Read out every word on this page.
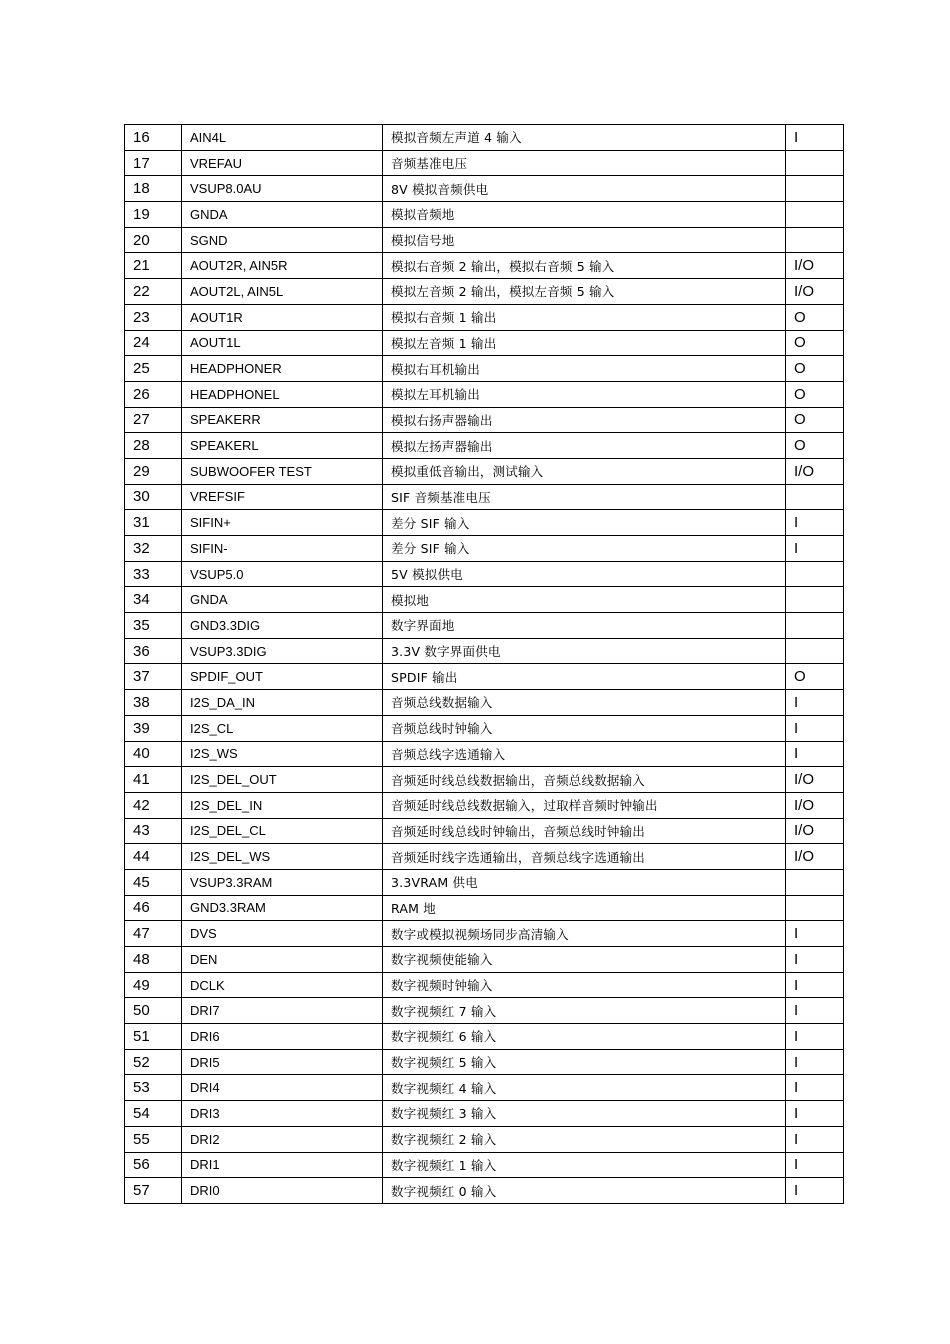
16	AIN4L	模拟音频左声道 4 输入	I
17	VREFAU	音频基准电压	
18	VSUP8.0AU	8V 模拟音频供电	
19	GNDA	模拟音频地	
20	SGND	模拟信号地	
21	AOUT2R, AIN5R	模拟右音频 2 输出，模拟右音频 5 输入	I/O
22	AOUT2L, AIN5L	模拟左音频 2 输出，模拟左音频 5 输入	I/O
23	AOUT1R	模拟右音频 1 输出	O
24	AOUT1L	模拟左音频 1 输出	O
25	HEADPHONER	模拟右耳机输出	O
26	HEADPHONEL	模拟左耳机输出	O
27	SPEAKERR	模拟右扬声器输出	O
28	SPEAKERL	模拟左扬声器输出	O
29	SUBWOOFER TEST	模拟重低音输出，测试输入	I/O
30	VREFSIF	SIF 音频基准电压	
31	SIFIN+	差分 SIF 输入	I
32	SIFIN-	差分 SIF 输入	I
33	VSUP5.0	5V 模拟供电	
34	GNDA	模拟地	
35	GND3.3DIG	数字界面地	
36	VSUP3.3DIG	3.3V 数字界面供电	
37	SPDIF_OUT	SPDIF 输出	O
38	I2S_DA_IN	音频总线数据输入	I
39	I2S_CL	音频总线时钟输入	I
40	I2S_WS	音频总线字选通输入	I
41	I2S_DEL_OUT	音频延时线总线数据输出，音频总线数据输入	I/O
42	I2S_DEL_IN	音频延时线总线数据输入，过取样音频时钟输出	I/O
43	I2S_DEL_CL	音频延时线总线时钟输出，音频总线时钟输出	I/O
44	I2S_DEL_WS	音频延时线字选通输出，音频总线字选通输出	I/O
45	VSUP3.3RAM	3.3VRAM 供电	
46	GND3.3RAM	RAM 地	
47	DVS	数字或模拟视频场同步高清输入	I
48	DEN	数字视频使能输入	I
49	DCLK	数字视频时钟输入	I
50	DRI7	数字视频红 7 输入	I
51	DRI6	数字视频红 6 输入	I
52	DRI5	数字视频红 5 输入	I
53	DRI4	数字视频红 4 输入	I
54	DRI3	数字视频红 3 输入	I
55	DRI2	数字视频红 2 输入	I
56	DRI1	数字视频红 1 输入	I
57	DRI0	数字视频红 0 输入	I
